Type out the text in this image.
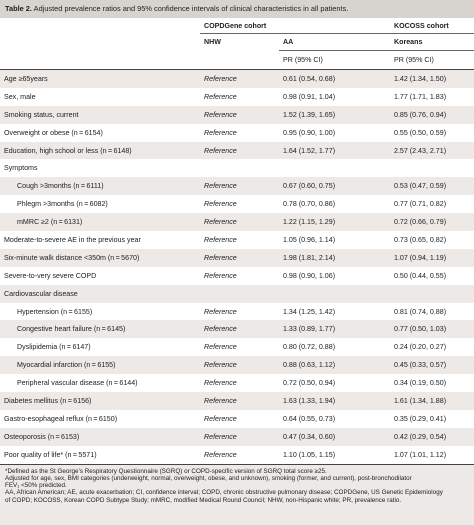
Table 2. Adjusted prevalence ratios and 95% confidence intervals of clinical characteristics in all patients.
	COPDGene cohort		KOCOSS cohort
	NHW	AA	Koreans
		PR (95% CI)	PR (95% CI)
Age ≥65years	Reference	0.61 (0.54, 0.68)	1.42 (1.34, 1.50)
Sex, male	Reference	0.98 (0.91, 1.04)	1.77 (1.71, 1.83)
Smoking status, current	Reference	1.52 (1.39, 1.65)	0.85 (0.76, 0.94)
Overweight or obese (n = 6154)	Reference	0.95 (0.90, 1.00)	0.55 (0.50, 0.59)
Education, high school or less (n = 6148)	Reference	1.64 (1.52, 1.77)	2.57 (2.43, 2.71)
Symptoms			
Cough >3months (n = 6111)	Reference	0.67 (0.60, 0.75)	0.53 (0.47, 0.59)
Phlegm >3months (n = 6082)	Reference	0.78 (0.70, 0.86)	0.77 (0.71, 0.82)
mMRC ≥2 (n = 6131)	Reference	1.22 (1.15, 1.29)	0.72 (0.66, 0.79)
Moderate-to-severe AE in the previous year	Reference	1.05 (0.96, 1.14)	0.73 (0.65, 0.82)
Six-minute walk distance <350m (n = 5670)	Reference	1.98 (1.81, 2.14)	1.07 (0.94, 1.19)
Severe-to-very severe COPD	Reference	0.98 (0.90, 1.06)	0.50 (0.44, 0.55)
Cardiovascular disease			
Hypertension (n = 6155)	Reference	1.34 (1.25, 1.42)	0.81 (0.74, 0.88)
Congestive heart failure (n = 6145)	Reference	1.33 (0.89, 1.77)	0.77 (0.50, 1.03)
Dyslipidemia (n = 6147)	Reference	0.80 (0.72, 0.88)	0.24 (0.20, 0.27)
Myocardial infarction (n = 6155)	Reference	0.88 (0.63, 1.12)	0.45 (0.33, 0.57)
Peripheral vascular disease (n = 6144)	Reference	0.72 (0.50, 0.94)	0.34 (0.19, 0.50)
Diabetes mellitus (n = 6156)	Reference	1.63 (1.33, 1.94)	1.61 (1.34, 1.88)
Gastro-esophageal reflux (n = 6150)	Reference	0.64 (0.55, 0.73)	0.35 (0.29, 0.41)
Osteoporosis (n = 6153)	Reference	0.47 (0.34, 0.60)	0.42 (0.29, 0.54)
Poor quality of life* (n = 5571)	Reference	1.10 (1.05, 1.15)	1.07 (1.01, 1.12)
*Defined as the St George’s Respiratory Questionnaire (SGRQ) or COPD-specific version of SGRQ total score ≥25.
Adjusted for age, sex, BMI categories (underweight, normal, overweight, obese, and unknown), smoking (former, and current), post-bronchodilator
FEV₁ <50% predicted.
AA, African American; AE, acute exacerbation; CI, confidence interval; COPD, chronic obstructive pulmonary disease; COPDGene, US Genetic Epidemiology
of COPD; KOCOSS, Korean COPD Subtype Study; mMRC, modified Medical Round Council; NHW, non-Hispanic white; PR, prevalence ratio.
